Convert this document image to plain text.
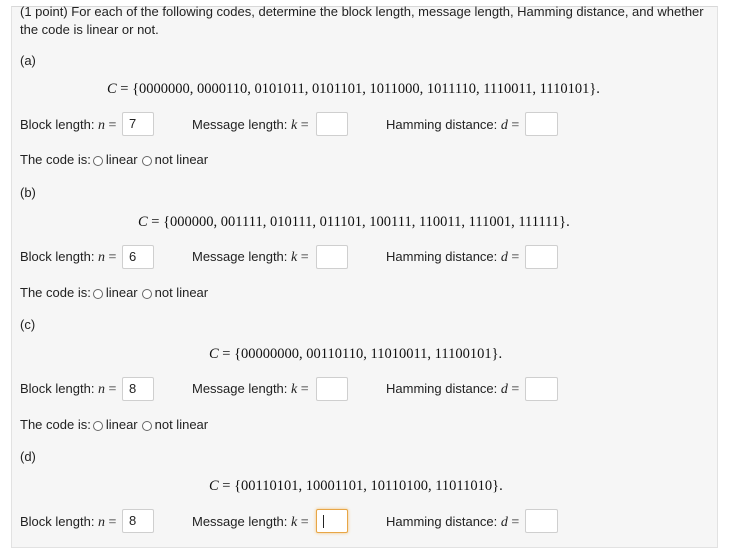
(1 point) For each of the following codes, determine the block length, message length, Hamming distance, and whether the code is linear or not.
(a)
C = {0000000, 0000110, 0101011, 0101101, 1011000, 1011110, 1110011, 1110101}.
Block length: n = 7	Message length: k =	Hamming distance: d =
The code is: linear not linear
(b)
C = {000000, 001111, 010111, 011101, 100111, 110011, 111001, 111111}.
Block length: n = 6	Message length: k =	Hamming distance: d =
The code is: linear not linear
(c)
C = {00000000, 00110110, 11010011, 11100101}.
Block length: n = 8	Message length: k =	Hamming distance: d =
The code is: linear not linear
(d)
C = {00110101, 10001101, 10110100, 11011010}.
Block length: n = 8	Message length: k =	Hamming distance: d =
